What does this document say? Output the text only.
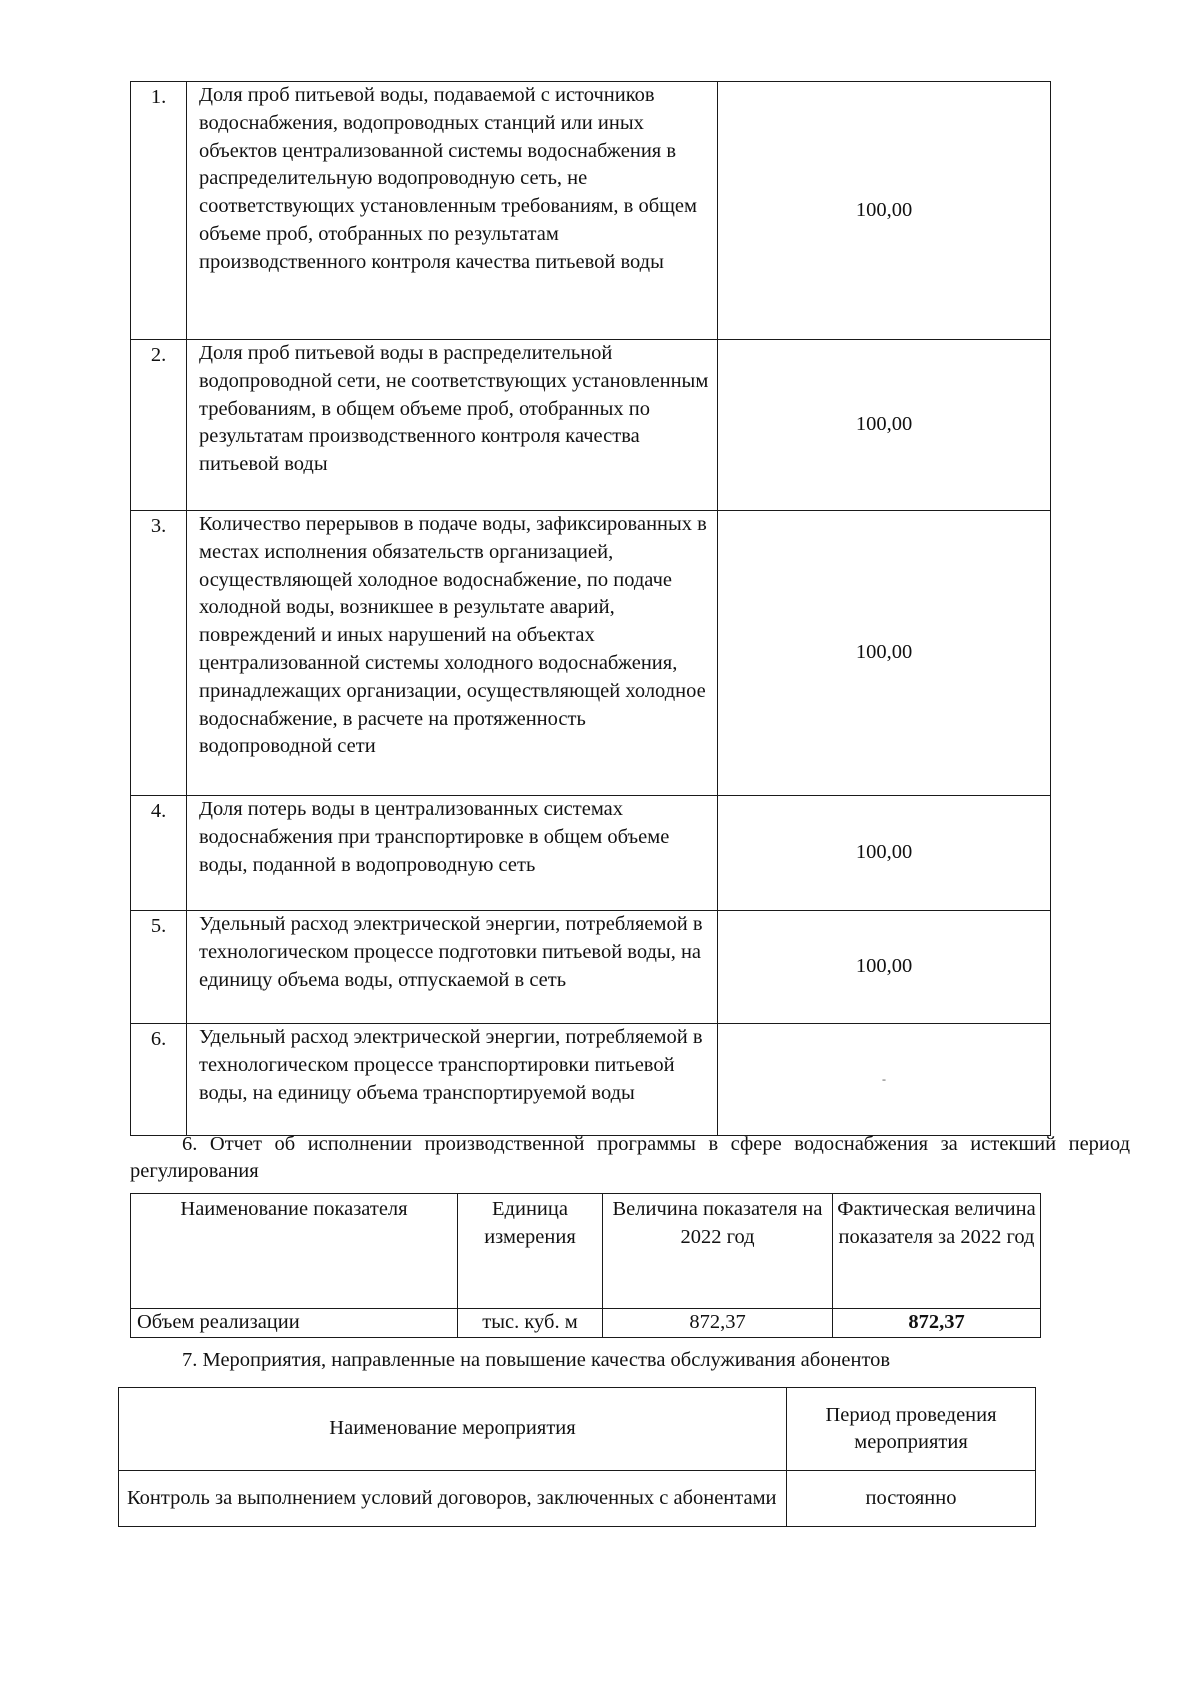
1.	Доля проб питьевой воды, подаваемой с источников водоснабжения, водопроводных станций или иных объектов централизованной системы водоснабжения в распределительную водопроводную сеть, не соответствующих установленным требованиям, в общем объеме проб, отобранных по результатам производственного контроля качества питьевой воды	100,00
2.	Доля проб питьевой воды в распределительной водопроводной сети, не соответствующих установленным требованиям, в общем объеме проб, отобранных по результатам производственного контроля качества питьевой воды	100,00
3.	Количество перерывов в подаче воды, зафиксированных в местах исполнения обязательств организацией, осуществляющей холодное водоснабжение, по подаче холодной воды, возникшее в результате аварий, повреждений и иных нарушений на объектах централизованной системы холодного водоснабжения, принадлежащих организации, осуществляющей холодное водоснабжение, в расчете на протяженность водопроводной сети	100,00
4.	Доля потерь воды в централизованных системах водоснабжения при транспортировке в общем объеме воды, поданной в водопроводную сеть	100,00
5.	Удельный расход электрической энергии, потребляемой в технологическом процессе подготовки питьевой воды, на единицу объема воды, отпускаемой в сеть	100,00
6.	Удельный расход электрической энергии, потребляемой в технологическом процессе транспортировки питьевой воды, на единицу объема транспортируемой воды	-
6. Отчет об исполнении производственной программы в сфере водоснабжения за истекший период регулирования
Наименование показателя	Единица измерения	Величина показателя на 2022 год	Фактическая величина показателя за 2022 год
Объем реализации	тыс. куб. м	872,37	872,37
7. Мероприятия, направленные на повышение качества обслуживания абонентов
Наименование мероприятия	Период проведения мероприятия
Контроль за выполнением условий договоров, заключенных с абонентами	постоянно
